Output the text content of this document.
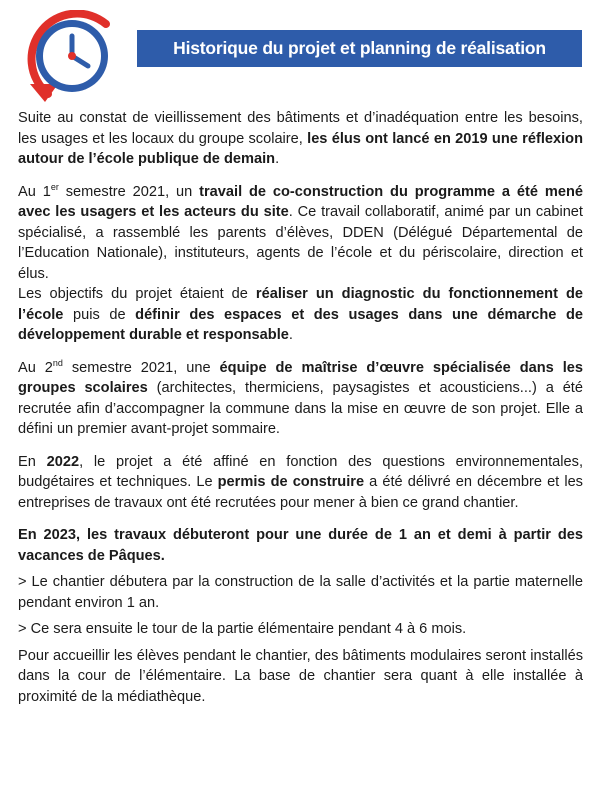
Historique du projet et planning de réalisation

Suite au constat de vieillissement des bâtiments et d’inadéquation entre les besoins, les usages et les locaux du groupe scolaire, les élus ont lancé en 2019 une réflexion autour de l’école publique de demain.

Au 1er semestre 2021, un travail de co-construction du programme a été mené avec les usagers et les acteurs du site. Ce travail collaboratif, animé par un cabinet spécialisé, a rassemblé les parents d’élèves, DDEN (Délégué Départemental de l’Education Nationale), instituteurs, agents de l’école et du périscolaire, direction et élus.

Les objectifs du projet étaient de réaliser un diagnostic du fonctionnement de l’école puis de définir des espaces et des usages dans une démarche de développement durable et responsable.

Au 2nd semestre 2021, une équipe de maîtrise d’œuvre spécialisée dans les groupes scolaires (architectes, thermiciens, paysagistes et acousticiens...) a été recrutée afin d’accompagner la commune dans la mise en œuvre de son projet. Elle a défini un premier avant-projet sommaire.

En 2022, le projet a été affiné en fonction des questions environnementales, budgétaires et techniques. Le permis de construire a été délivré en décembre et les entreprises de travaux ont été recrutées pour mener à bien ce grand chantier.

En 2023, les travaux débuteront pour une durée de 1 an et demi à partir des vacances de Pâques.

> Le chantier débutera par la construction de la salle d’activités et la partie maternelle pendant environ 1 an.

> Ce sera ensuite le tour de la partie élémentaire pendant 4 à 6 mois.

Pour accueillir les élèves pendant le chantier, des bâtiments modulaires seront installés dans la cour de l’élémentaire. La base de chantier sera quant à elle installée à proximité de la médiathèque.
